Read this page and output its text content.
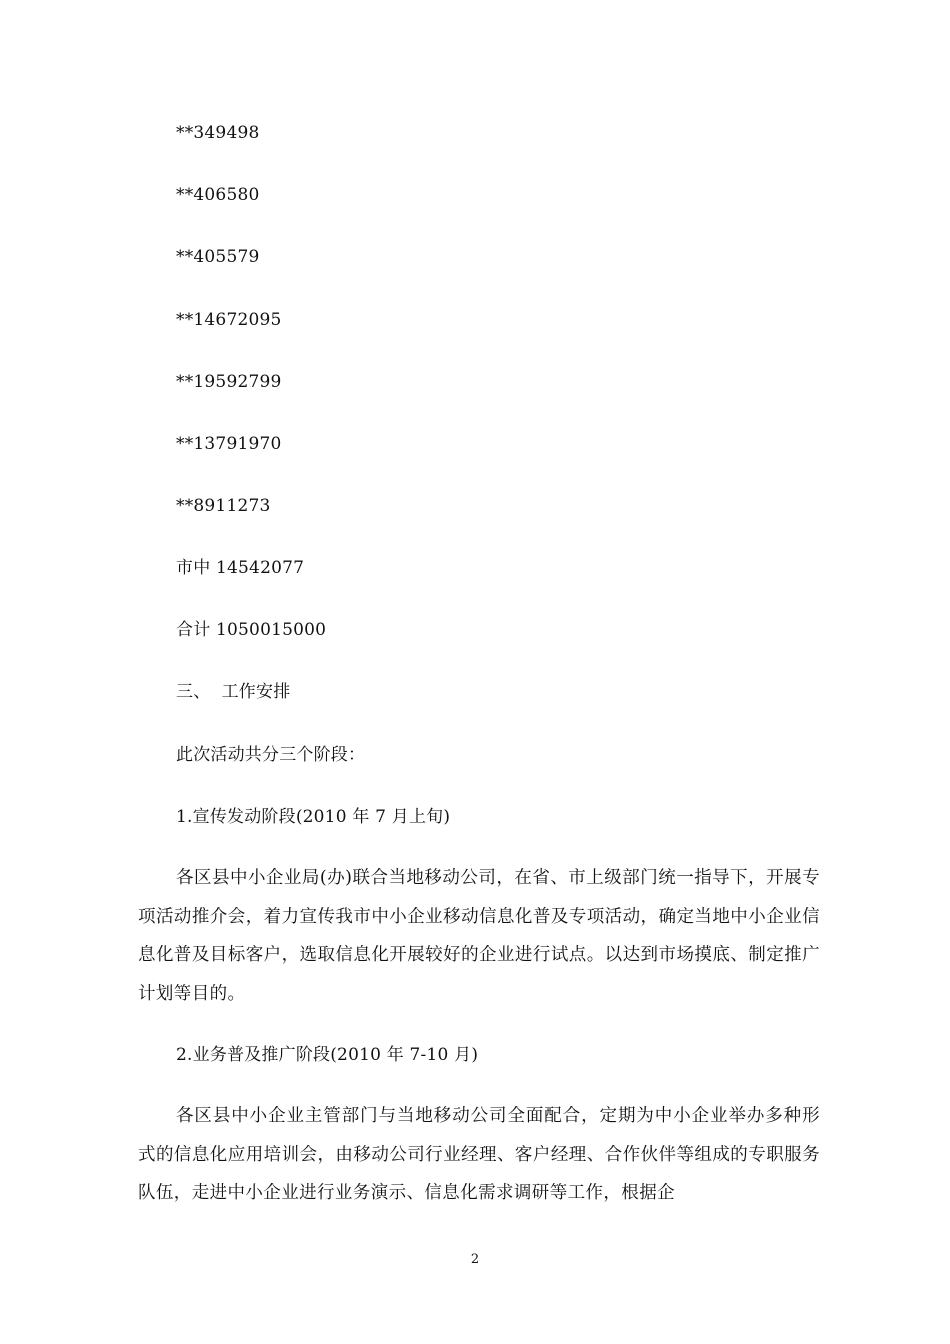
**349498
**406580
**405579
**14672095
**19592799
**13791970
**8911273
市中 14542077
合计 1050015000
三、  工作安排
此次活动共分三个阶段：
1.宣传发动阶段(2010 年 7 月上旬)
各区县中小企业局(办)联合当地移动公司，在省、市上级部门统一指导下，开展专项活动推介会，着力宣传我市中小企业移动信息化普及专项活动，确定当地中小企业信息化普及目标客户，选取信息化开展较好的企业进行试点。以达到市场摸底、制定推广计划等目的。
2.业务普及推广阶段(2010 年 7-10 月)
各区县中小企业主管部门与当地移动公司全面配合，定期为中小企业举办多种形式的信息化应用培训会，由移动公司行业经理、客户经理、合作伙伴等组成的专职服务队伍，走进中小企业进行业务演示、信息化需求调研等工作，根据企
2
